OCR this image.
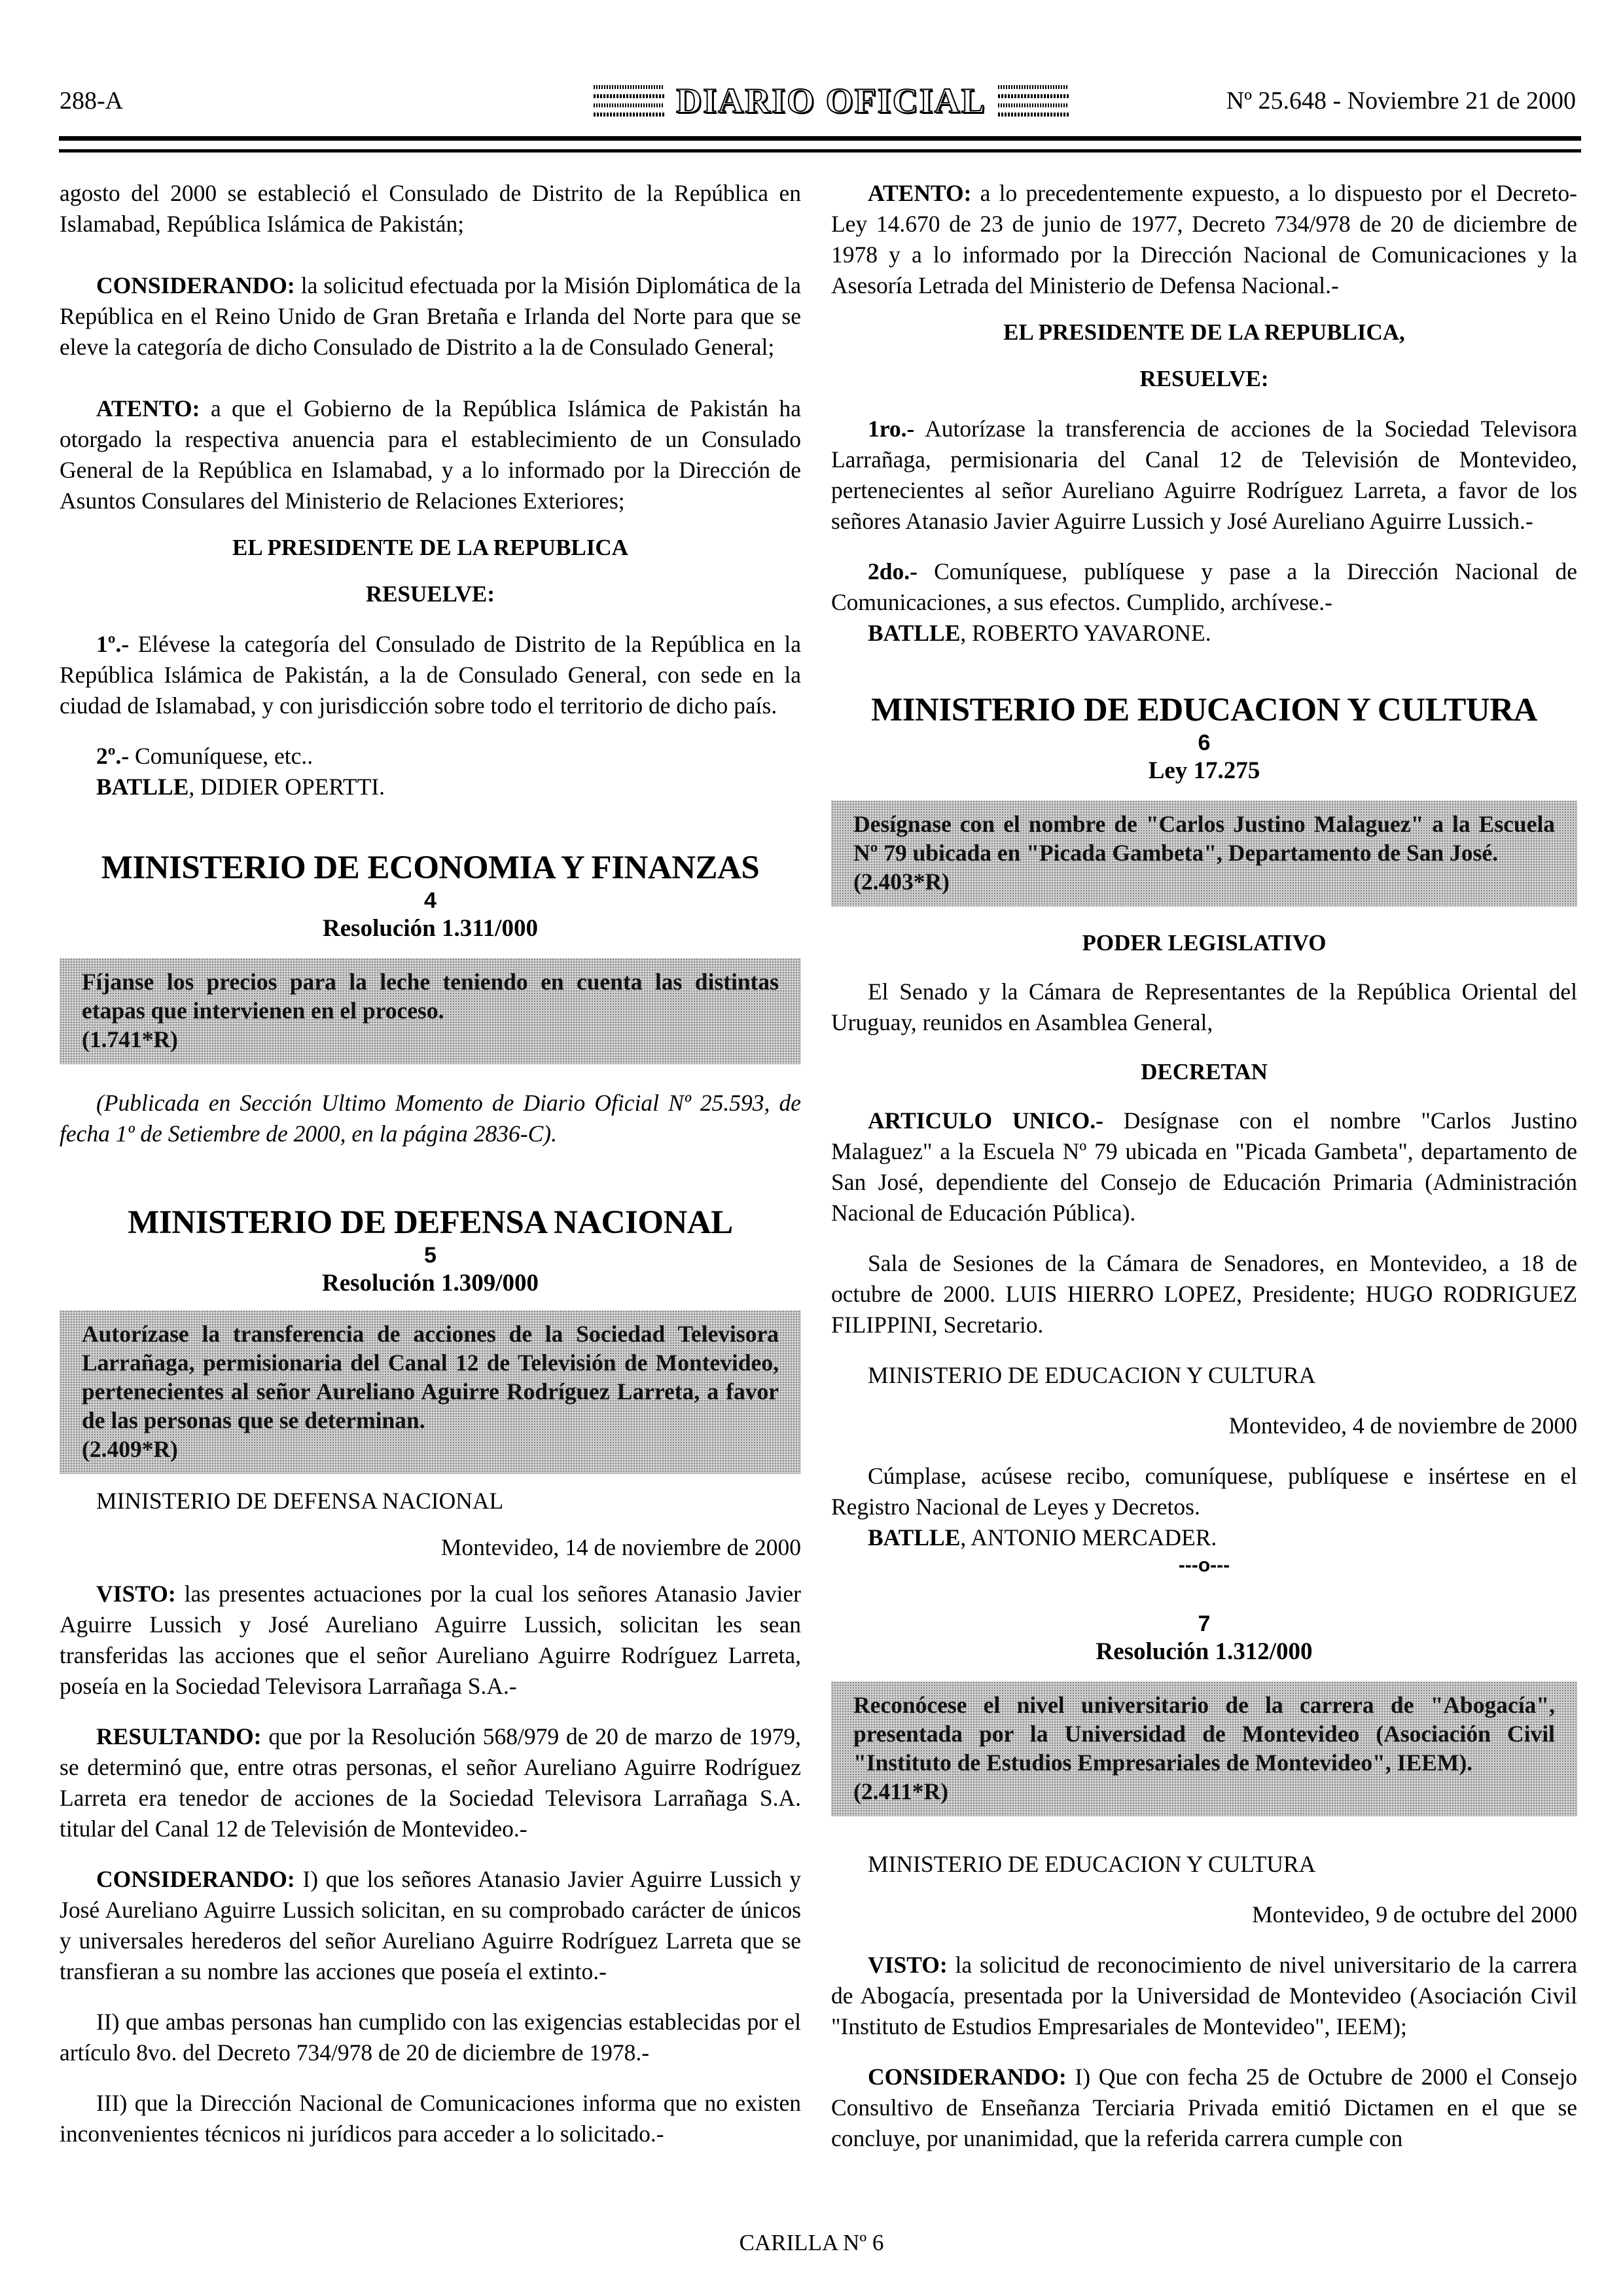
288-A	DIARIO OFICIAL	Nº 25.648 - Noviembre 21 de 2000

agosto del 2000 se estableció el Consulado de Distrito de la República en Islamabad, República Islámica de Pakistán;

CONSIDERANDO: la solicitud efectuada por la Misión Diplomática de la República en el Reino Unido de Gran Bretaña e Irlanda del Norte para que se eleve la categoría de dicho Consulado de Distrito a la de Consulado General;

ATENTO: a que el Gobierno de la República Islámica de Pakistán ha otorgado la respectiva anuencia para el establecimiento de un Consulado General de la República en Islamabad, y a lo informado por la Dirección de Asuntos Consulares del Ministerio de Relaciones Exteriores;

EL PRESIDENTE DE LA REPUBLICA

RESUELVE:

1º.- Elévese la categoría del Consulado de Distrito de la República en la República Islámica de Pakistán, a la de Consulado General, con sede en la ciudad de Islamabad, y con jurisdicción sobre todo el territorio de dicho país.

2º.- Comuníquese, etc..

BATLLE, DIDIER OPERTTI.

MINISTERIO DE ECONOMIA Y FINANZAS
4
Resolución 1.311/000
Fíjanse los precios para la leche teniendo en cuenta las distintas etapas que intervienen en el proceso.
(1.741*R)

(Publicada en Sección Ultimo Momento de Diario Oficial Nº 25.593, de fecha 1º de Setiembre de 2000, en la página 2836-C).

MINISTERIO DE DEFENSA NACIONAL
5
Resolución 1.309/000
Autorízase la transferencia de acciones de la Sociedad Televisora Larrañaga, permisionaria del Canal 12 de Televisión de Montevideo, pertenecientes al señor Aureliano Aguirre Rodríguez Larreta, a favor de las personas que se determinan.
(2.409*R)

MINISTERIO DE DEFENSA NACIONAL

Montevideo, 14 de noviembre de 2000

VISTO: las presentes actuaciones por la cual los señores Atanasio Javier Aguirre Lussich y José Aureliano Aguirre Lussich, solicitan les sean transferidas las acciones que el señor Aureliano Aguirre Rodríguez Larreta, poseía en la Sociedad Televisora Larrañaga S.A.-

RESULTANDO: que por la Resolución 568/979 de 20 de marzo de 1979, se determinó que, entre otras personas, el señor Aureliano Aguirre Rodríguez Larreta era tenedor de acciones de la Sociedad Televisora Larrañaga S.A. titular del Canal 12 de Televisión de Montevideo.-

CONSIDERANDO: I) que los señores Atanasio Javier Aguirre Lussich y José Aureliano Aguirre Lussich solicitan, en su comprobado carácter de únicos y universales herederos del señor Aureliano Aguirre Rodríguez Larreta que se transfieran a su nombre las acciones que poseía el extinto.-

II) que ambas personas han cumplido con las exigencias establecidas por el artículo 8vo. del Decreto 734/978 de 20 de diciembre de 1978.-

III) que la Dirección Nacional de Comunicaciones informa que no existen inconvenientes técnicos ni jurídicos para acceder a lo solicitado.-

ATENTO: a lo precedentemente expuesto, a lo dispuesto por el Decreto-Ley 14.670 de 23 de junio de 1977, Decreto 734/978 de 20 de diciembre de 1978 y a lo informado por la Dirección Nacional de Comunicaciones y la Asesoría Letrada del Ministerio de Defensa Nacional.-

EL PRESIDENTE DE LA REPUBLICA,

RESUELVE:

1ro.- Autorízase la transferencia de acciones de la Sociedad Televisora Larrañaga, permisionaria del Canal 12 de Televisión de Montevideo, pertenecientes al señor Aureliano Aguirre Rodríguez Larreta, a favor de los señores Atanasio Javier Aguirre Lussich y José Aureliano Aguirre Lussich.-

2do.- Comuníquese, publíquese y pase a la Dirección Nacional de Comunicaciones, a sus efectos. Cumplido, archívese.-

BATLLE, ROBERTO YAVARONE.

MINISTERIO DE EDUCACION Y CULTURA
6
Ley 17.275
Desígnase con el nombre de "Carlos Justino Malaguez" a la Escuela Nº 79 ubicada en "Picada Gambeta", Departamento de San José.
(2.403*R)

PODER LEGISLATIVO

El Senado y la Cámara de Representantes de la República Oriental del Uruguay, reunidos en Asamblea General,

DECRETAN

ARTICULO UNICO.- Desígnase con el nombre "Carlos Justino Malaguez" a la Escuela Nº 79 ubicada en "Picada Gambeta", departamento de San José, dependiente del Consejo de Educación Primaria (Administración Nacional de Educación Pública).

Sala de Sesiones de la Cámara de Senadores, en Montevideo, a 18 de octubre de 2000. LUIS HIERRO LOPEZ, Presidente; HUGO RODRIGUEZ FILIPPINI, Secretario.

MINISTERIO DE EDUCACION Y CULTURA

Montevideo, 4 de noviembre de 2000

Cúmplase, acúsese recibo, comuníquese, publíquese e insértese en el Registro Nacional de Leyes y Decretos.

BATLLE, ANTONIO MERCADER.

---o---
7
Resolución 1.312/000
Reconócese el nivel universitario de la carrera de "Abogacía", presentada por la Universidad de Montevideo (Asociación Civil "Instituto de Estudios Empresariales de Montevideo", IEEM).
(2.411*R)

MINISTERIO DE EDUCACION Y CULTURA

Montevideo, 9 de octubre del 2000

VISTO: la solicitud de reconocimiento de nivel universitario de la carrera de Abogacía, presentada por la Universidad de Montevideo (Asociación Civil "Instituto de Estudios Empresariales de Montevideo", IEEM);

CONSIDERANDO: I) Que con fecha 25 de Octubre de 2000 el Consejo Consultivo de Enseñanza Terciaria Privada emitió Dictamen en el que se concluye, por unanimidad, que la referida carrera cumple con

CARILLA Nº 6
